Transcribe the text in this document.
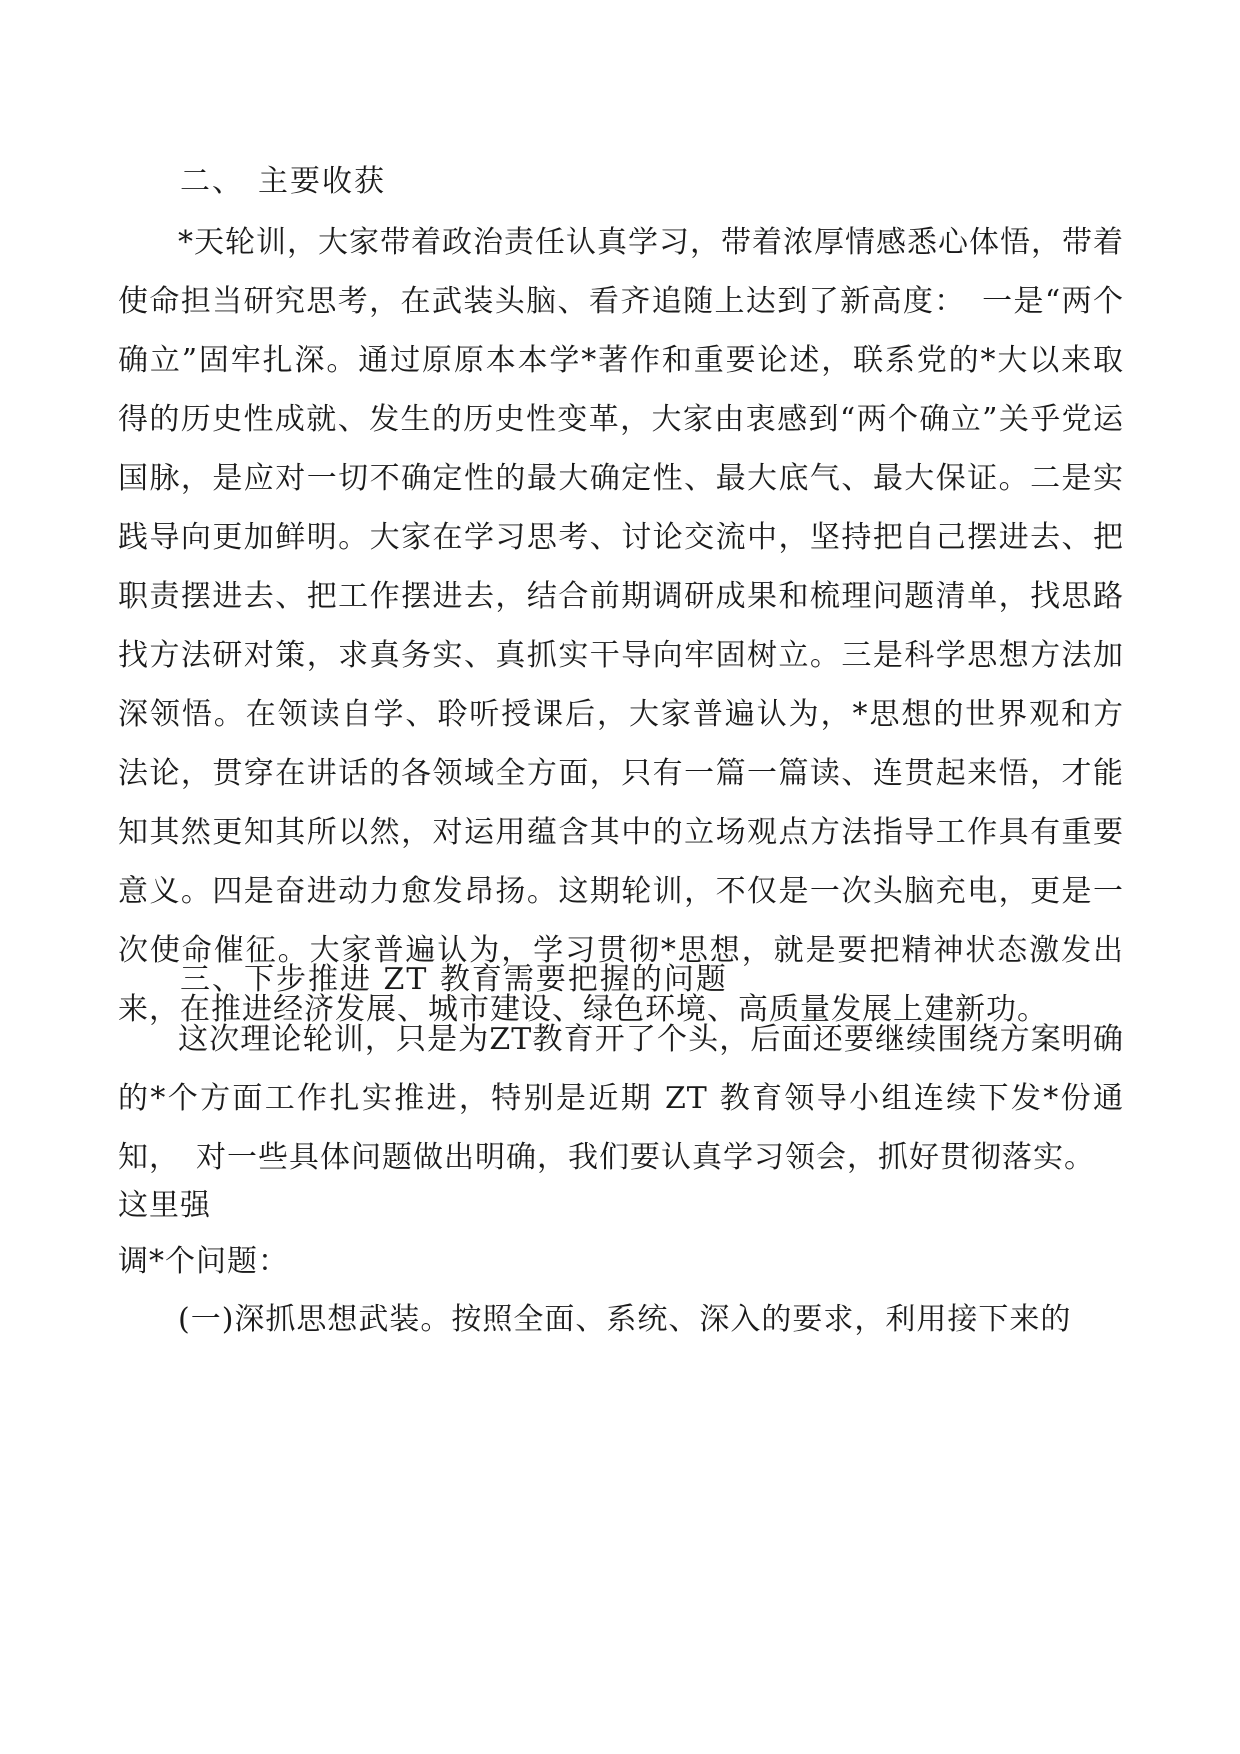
二、 主要收获
*天轮训，大家带着政治责任认真学习，带着浓厚情感悉心体悟，带着使命担当研究思考，在武装头脑、看齐追随上达到了新高度：　一是“两个确立”固牢扎深。通过原原本本学*著作和重要论述，联系党的*大以来取得的历史性成就、发生的历史性变革，大家由衷感到“两个确立”关乎党运国脉，是应对一切不确定性的最大确定性、最大底气、最大保证。二是实践导向更加鲜明。大家在学习思考、讨论交流中，坚持把自己摆进去、把职责摆进去、把工作摆进去，结合前期调研成果和梳理问题清单，找思路找方法研对策，求真务实、真抓实干导向牢固树立。三是科学思想方法加深领悟。在领读自学、聆听授课后，大家普遍认为，*思想的世界观和方法论，贯穿在讲话的各领域全方面，只有一篇一篇读、连贯起来悟，才能知其然更知其所以然，对运用蕴含其中的立场观点方法指导工作具有重要意义。四是奋进动力愈发昂扬。这期轮训，不仅是一次头脑充电，更是一次使命催征。大家普遍认为，学习贯彻*思想，就是要把精神状态激发出来，在推进经济发展、城市建设、绿色环境、高质量发展上建新功。
三、下步推进 ZT 教育需要把握的问题
这次理论轮训，只是为ZT教育开了个头，后面还要继续围绕方案明确　的*个方面工作扎实推进，特别是近期 ZT 教育领导小组连续下发*份通知，　对一些具体问题做出明确，我们要认真学习领会，抓好贯彻落实。
这里强
调*个问题：
(一)深抓思想武装。按照全面、系统、深入的要求，利用接下来的
